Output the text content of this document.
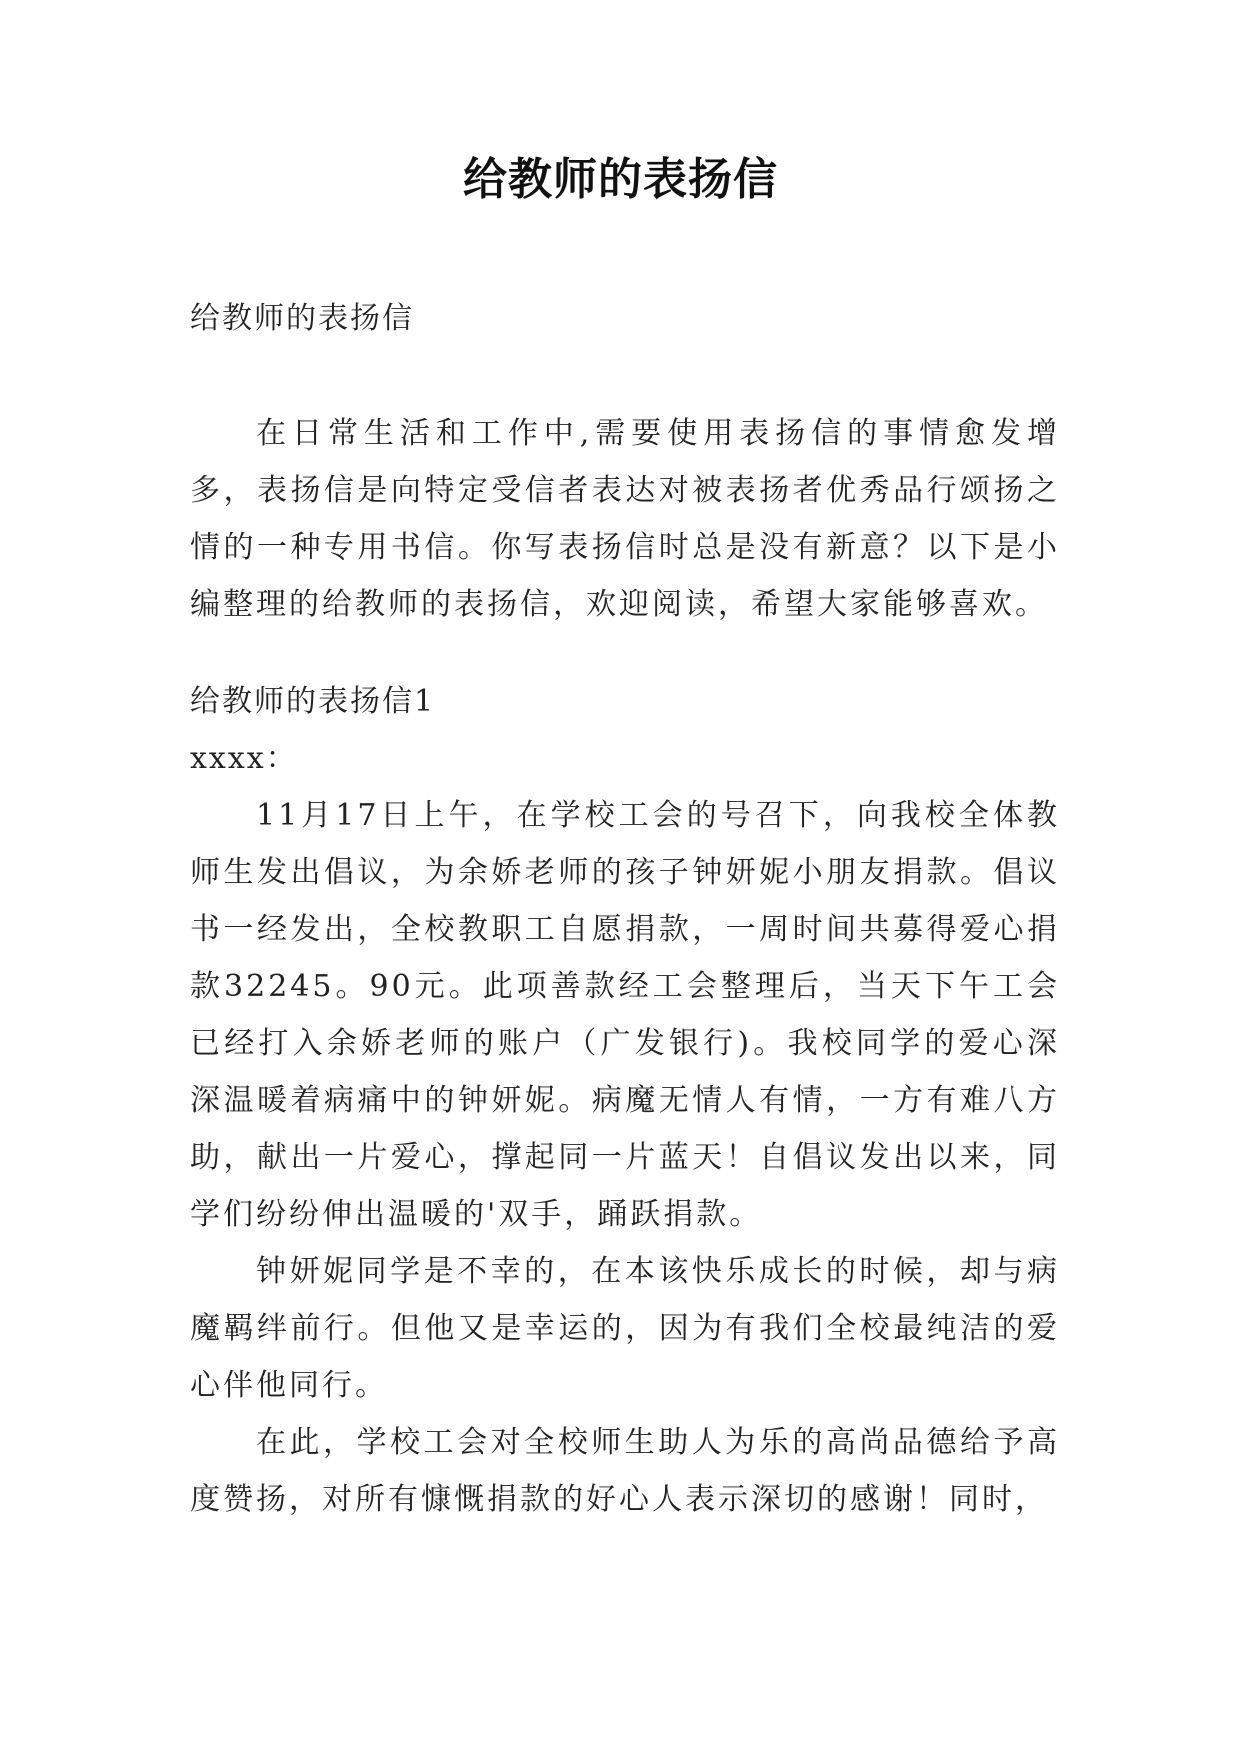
给教师的表扬信
给教师的表扬信

在日常生活和工作中,需要使用表扬信的事情愈发增多，表扬信是向特定受信者表达对被表扬者优秀品行颂扬之情的一种专用书信。你写表扬信时总是没有新意？以下是小编整理的给教师的表扬信，欢迎阅读，希望大家能够喜欢。

给教师的表扬信1
xxxx：

11月17日上午，在学校工会的号召下，向我校全体教师生发出倡议，为余娇老师的孩子钟妍妮小朋友捐款。倡议书一经发出，全校教职工自愿捐款，一周时间共募得爱心捐款32245。90元。此项善款经工会整理后，当天下午工会已经打入余娇老师的账户（广发银行)。我校同学的爱心深深温暖着病痛中的钟妍妮。病魔无情人有情，一方有难八方助，献出一片爱心，撑起同一片蓝天！自倡议发出以来，同学们纷纷伸出温暖的'双手，踊跃捐款。

钟妍妮同学是不幸的，在本该快乐成长的时候，却与病魔羁绊前行。但他又是幸运的，因为有我们全校最纯洁的爱心伴他同行。

在此，学校工会对全校师生助人为乐的高尚品德给予高度赞扬，对所有慷慨捐款的好心人表示深切的感谢！同时，
